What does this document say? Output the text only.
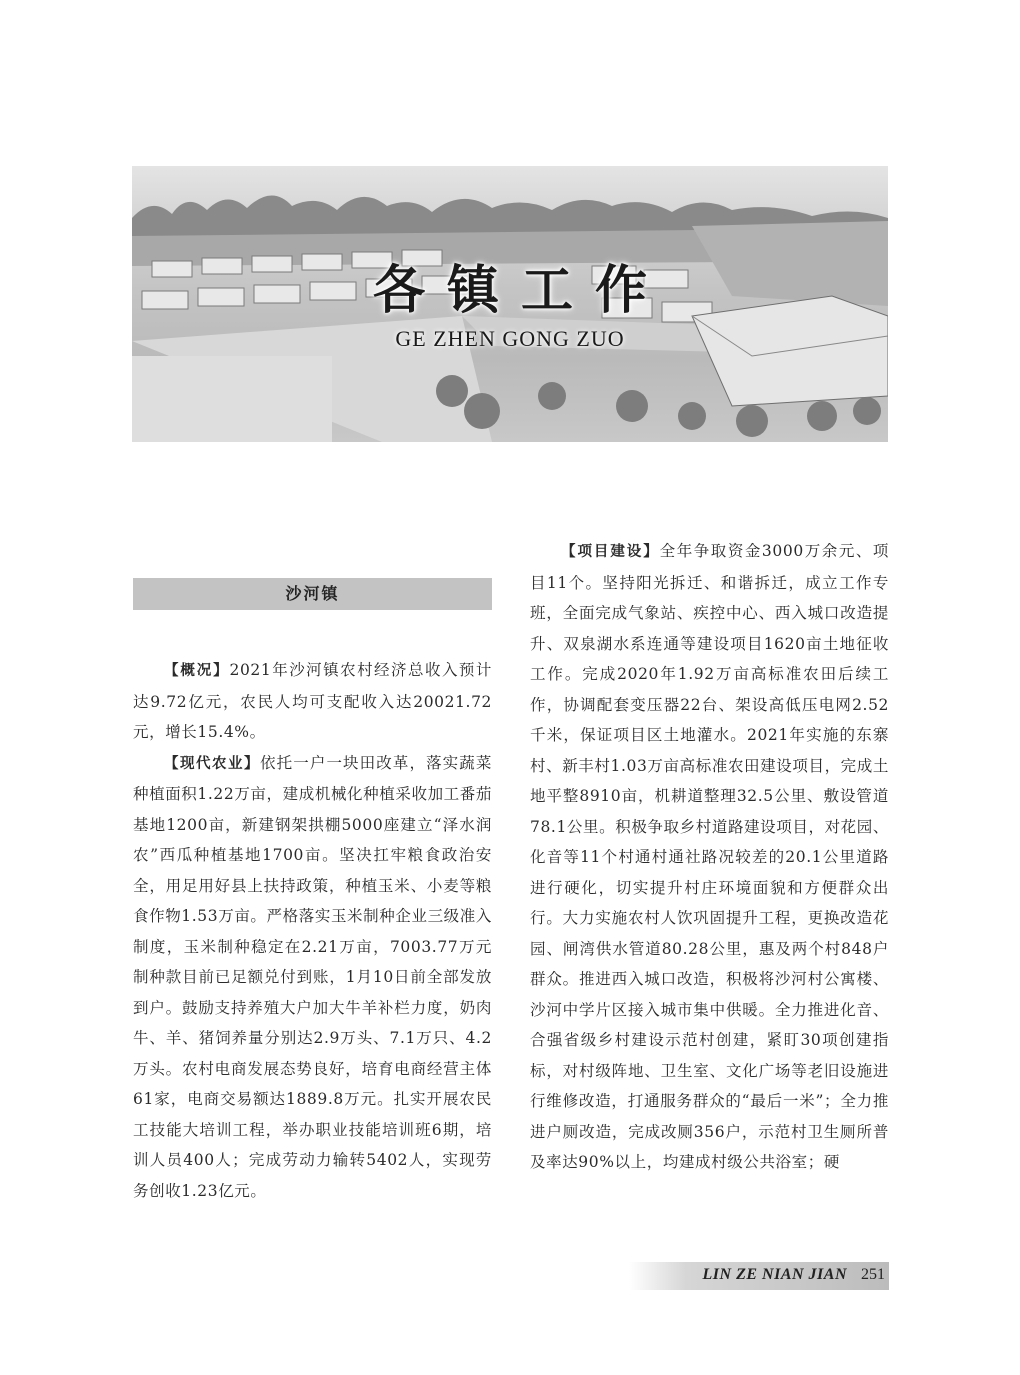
各镇工作
GE ZHEN GONG ZUO
沙河镇

【概况】2021年沙河镇农村经济总收入预计达9.72亿元，农民人均可支配收入达20021.72元，增长15.4%。

【现代农业】依托一户一块田改革，落实蔬菜种植面积1.22万亩，建成机械化种植采收加工番茄基地1200亩，新建钢架拱棚5000座建立“泽水润农”西瓜种植基地1700亩。坚决扛牢粮食政治安全，用足用好县上扶持政策，种植玉米、小麦等粮食作物1.53万亩。严格落实玉米制种企业三级准入制度，玉米制种稳定在2.21万亩，7003.77万元制种款目前已足额兑付到账，1月10日前全部发放到户。鼓励支持养殖大户加大牛羊补栏力度，奶肉牛、羊、猪饲养量分别达2.9万头、7.1万只、4.2万头。农村电商发展态势良好，培育电商经营主体61家，电商交易额达1889.8万元。扎实开展农民工技能大培训工程，举办职业技能培训班6期，培训人员400人；完成劳动力输转5402人，实现劳务创收1.23亿元。

【项目建设】全年争取资金3000万余元、项目11个。坚持阳光拆迁、和谐拆迁，成立工作专班，全面完成气象站、疾控中心、西入城口改造提升、双泉湖水系连通等建设项目1620亩土地征收工作。完成2020年1.92万亩高标准农田后续工作，协调配套变压器22台、架设高低压电网2.52千米，保证项目区土地灌水。2021年实施的东寨村、新丰村1.03万亩高标准农田建设项目，完成土地平整8910亩，机耕道整理32.5公里、敷设管道78.1公里。积极争取乡村道路建设项目，对花园、化音等11个村通村通社路况较差的20.1公里道路进行硬化，切实提升村庄环境面貌和方便群众出行。大力实施农村人饮巩固提升工程，更换改造花园、闸湾供水管道80.28公里，惠及两个村848户群众。推进西入城口改造，积极将沙河村公寓楼、沙河中学片区接入城市集中供暖。全力推进化音、合强省级乡村建设示范村创建，紧盯30项创建指标，对村级阵地、卫生室、文化广场等老旧设施进行维修改造，打通服务群众的“最后一米”；全力推进户厕改造，完成改厕356户，示范村卫生厕所普及率达90%以上，均建成村级公共浴室；硬

LIN ZE NIAN JIAN 251
